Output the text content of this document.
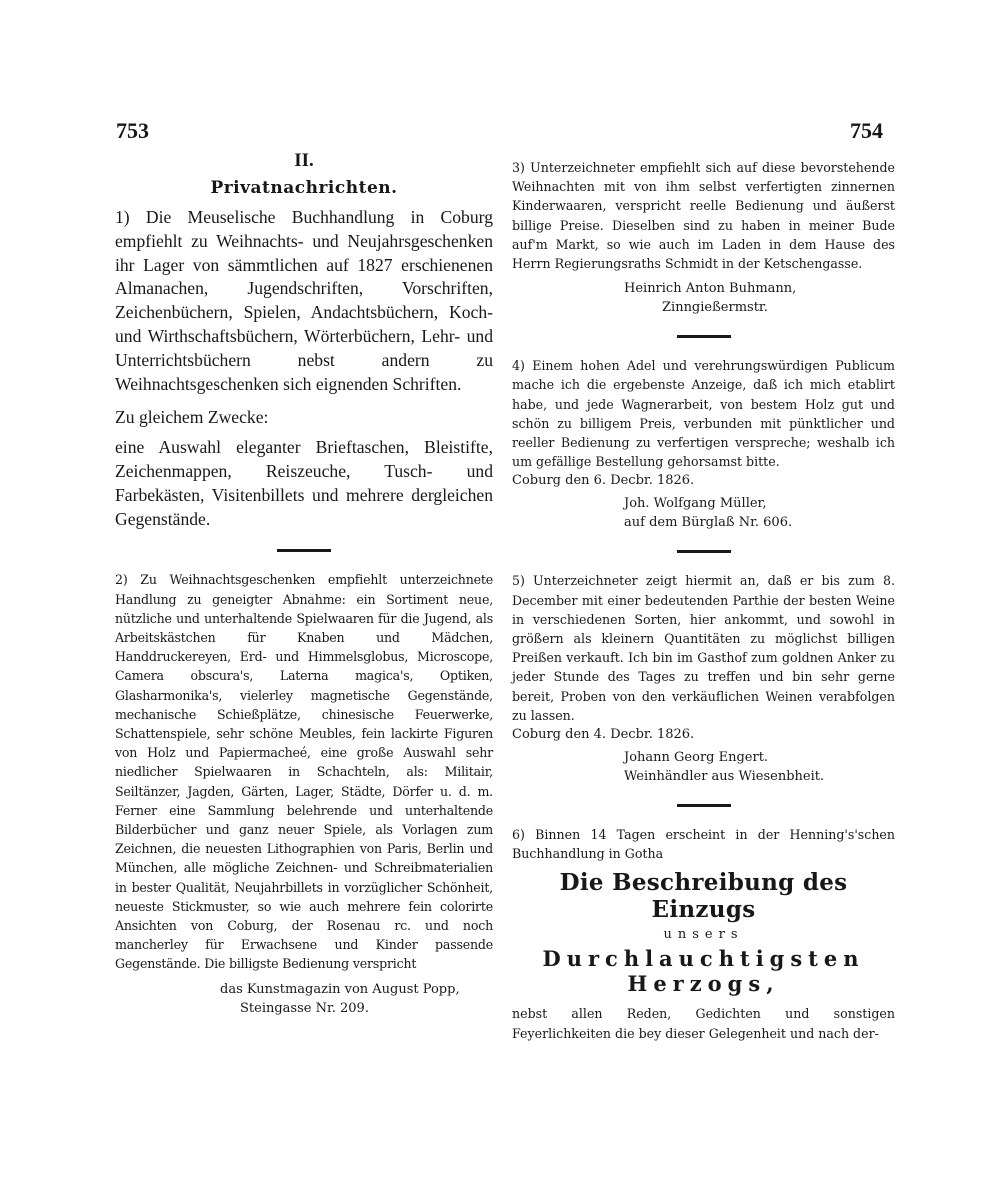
753	754

II.

Privatnachrichten.

1) Die Meuselische Buchhandlung in Coburg empfiehlt zu Weihnachts- und Neujahrsgeschenken ihr Lager von sämmtlichen auf 1827 erschienenen Almanachen, Jugendschriften, Vorschriften, Zeichenbüchern, Spielen, Andachtsbüchern, Koch- und Wirthschaftsbüchern, Wörterbüchern, Lehr- und Unterrichtsbüchern nebst andern zu Weihnachtsgeschenken sich eignenden Schriften.

Zu gleichem Zwecke:

eine Auswahl eleganter Brieftaschen, Bleistifte, Zeichenmappen, Reiszeuche, Tusch- und Farbekästen, Visitenbillets und mehrere dergleichen Gegenstände.

2) Zu Weihnachtsgeschenken empfiehlt unterzeichnete Handlung zu geneigter Abnahme: ein Sortiment neue, nützliche und unterhaltende Spielwaaren für die Jugend, als Arbeitskästchen für Knaben und Mädchen, Handdruckereyen, Erd- und Himmelsglobus, Microscope, Camera obscura's, Laterna magica's, Optiken, Glasharmonika's, vielerley magnetische Gegenstände, mechanische Schießplätze, chinesische Feuerwerke, Schattenspiele, sehr schöne Meubles, fein lackirte Figuren von Holz und Papiermacheé, eine große Auswahl sehr niedlicher Spielwaaren in Schachteln, als: Militair, Seiltänzer, Jagden, Gärten, Lager, Städte, Dörfer u. d. m. Ferner eine Sammlung belehrende und unterhaltende Bilderbücher und ganz neuer Spiele, als Vorlagen zum Zeichnen, die neuesten Lithographien von Paris, Berlin und München, alle mögliche Zeichnen- und Schreibmaterialien in bester Qualität, Neujahrbillets in vorzüglicher Schönheit, neueste Stickmuster, so wie auch mehrere fein colorirte Ansichten von Coburg, der Rosenau rc. und noch mancherley für Erwachsene und Kinder passende Gegenstände. Die billigste Bedienung verspricht

das Kunstmagazin von August Popp,

Steingasse Nr. 209.

3) Unterzeichneter empfiehlt sich auf diese bevorstehende Weihnachten mit von ihm selbst verfertigten zinnernen Kinderwaaren, verspricht reelle Bedienung und äußerst billige Preise. Dieselben sind zu haben in meiner Bude auf'm Markt, so wie auch im Laden in dem Hause des Herrn Regierungsraths Schmidt in der Ketschengasse.

Heinrich Anton Buhmann,

Zinngießermstr.

4) Einem hohen Adel und verehrungswürdigen Publicum mache ich die ergebenste Anzeige, daß ich mich etablirt habe, und jede Wagnerarbeit, von bestem Holz gut und schön zu billigem Preis, verbunden mit pünktlicher und reeller Bedienung zu verfertigen verspreche; weshalb ich um gefällige Bestellung gehorsamst bitte.

Coburg den 6. Decbr. 1826.

Joh. Wolfgang Müller,

auf dem Bürglaß Nr. 606.

5) Unterzeichneter zeigt hiermit an, daß er bis zum 8. December mit einer bedeutenden Parthie der besten Weine in verschiedenen Sorten, hier ankommt, und sowohl in größern als kleinern Quantitäten zu möglichst billigen Preißen verkauft. Ich bin im Gasthof zum goldnen Anker zu jeder Stunde des Tages zu treffen und bin sehr gerne bereit, Proben von den verkäuflichen Weinen verabfolgen zu lassen.

Coburg den 4. Decbr. 1826.

Johann Georg Engert.

Weinhändler aus Wiesenbheit.

6) Binnen 14 Tagen erscheint in der Henning's'schen Buchhandlung in Gotha

Die Beschreibung des Einzugs

unsers

Durchlauchtigsten Herzogs,

nebst allen Reden, Gedichten und sonstigen Feyerlichkeiten die bey dieser Gelegenheit und nach der-
